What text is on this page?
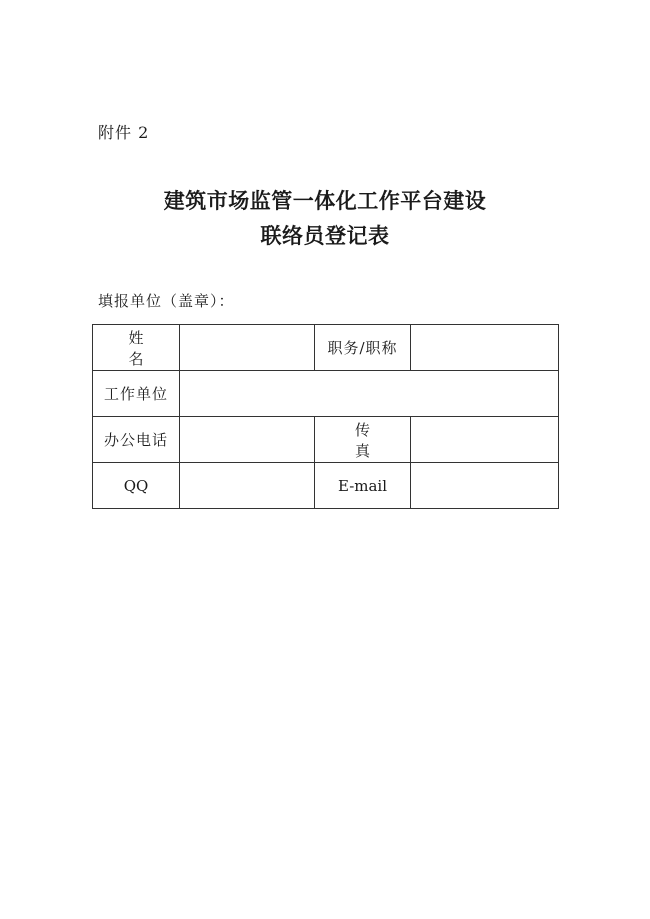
附件 2
建筑市场监管一体化工作平台建设
联络员登记表
填报单位（盖章）：
姓名		职务/职称	
工作单位			
办公电话		传真	
QQ		E-mail	
